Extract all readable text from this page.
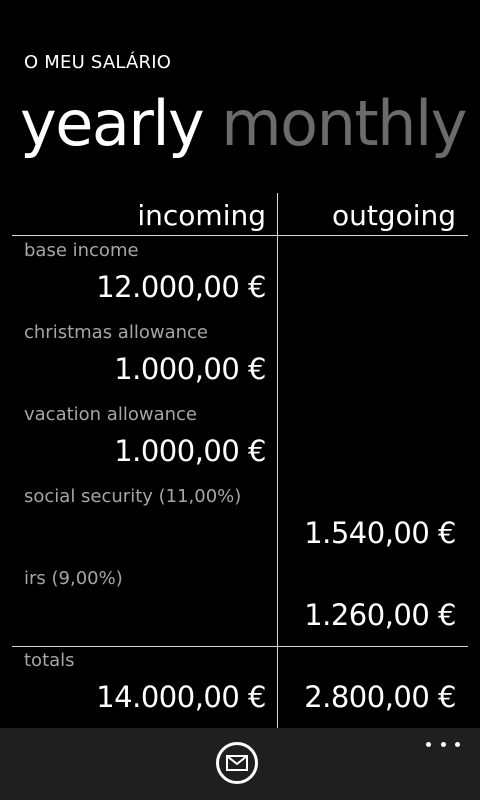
O MEU SALÁRIO
yearly monthly
incoming outgoing
base income
12.000,00 €
christmas allowance
1.000,00 €
vacation allowance
1.000,00 €
social security (11,00%)
1.540,00 €
irs (9,00%)
1.260,00 €
totals
14.000,00 € 2.800,00 €
